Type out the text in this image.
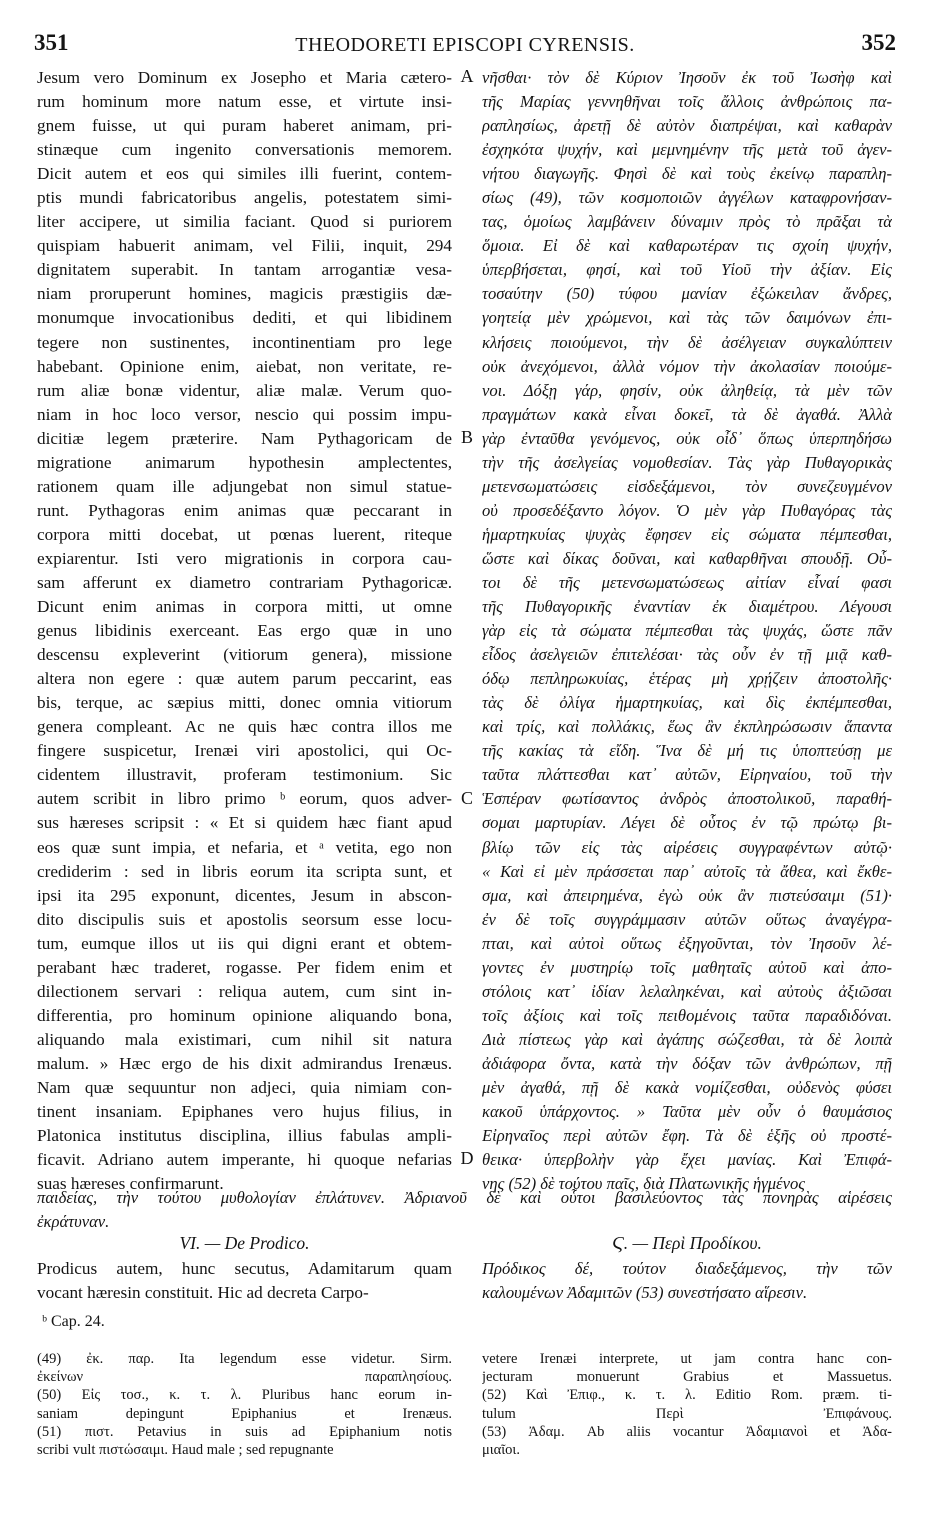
351	THEODORETI EPISCOPI CYRENSIS.	352
Jesum vero Dominum ex Josepho et Maria cætero-
rum hominum more natum esse, et virtute insi-
gnem fuisse, ut qui puram haberet animam, pri-
stinæque cum ingenito conversationis memorem.
Dicit autem et eos qui similes illi fuerint, contem-
ptis mundi fabricatoribus angelis, potestatem simi-
liter accipere, ut similia faciant. Quod si puriorem
quispiam habuerit animam, vel Filii, inquit, 294
dignitatem superabit. In tantam arrogantiæ vesa-
niam proruperunt homines, magicis præstigiis dæ-
monumque invocationibus dediti, et qui libidinem
tegere non sustinentes, incontinentiam pro lege
habebant. Opinione enim, aiebat, non veritate, re-
rum aliæ bonæ videntur, aliæ malæ. Verum quo-
niam in hoc loco versor, nescio qui possim impu-
dicitiæ legem præterire. Nam Pythagoricam de
migratione animarum hypothesin amplectentes,
rationem quam ille adjungebat non simul statue-
runt. Pythagoras enim animas quæ peccarant in
corpora mitti docebat, ut pœnas luerent, riteque
expiarentur. Isti vero migrationis in corpora cau-
sam afferunt ex diametro contrariam Pythagoricæ.
Dicunt enim animas in corpora mitti, ut omne
genus libidinis exerceant. Eas ergo quæ in uno
descensu expleverint (vitiorum genera), missione
altera non egere : quæ autem parum peccarint, eas
bis, terque, ac sæpius mitti, donec omnia vitiorum
genera compleant. Ac ne quis hæc contra illos me
fingere suspicetur, Irenæi viri apostolici, qui Oc-
cidentem illustravit, proferam testimonium. Sic
autem scribit in libro primo ᵇ eorum, quos adver-
sus hæreses scripsit : « Et si quidem hæc fiant apud
eos quæ sunt impia, et nefaria, et ᵃ vetita, ego non
crediderim : sed in libris eorum ita scripta sunt, et
ipsi ita 295 exponunt, dicentes, Jesum in abscon-
dito discipulis suis et apostolis seorsum esse locu-
tum, eumque illos ut iis qui digni erant et obtem-
perabant hæc traderet, rogasse. Per fidem enim et
dilectionem servari : reliqua autem, cum sint in-
differentia, pro hominum opinione aliquando bona,
aliquando mala existimari, cum nihil sit natura
malum. » Hæc ergo de his dixit admirandus Irenæus.
Nam quæ sequuntur non adjeci, quia nimiam con-
tinent insaniam. Epiphanes vero hujus filius, in
Platonica institutus disciplina, illius fabulas ampli-
ficavit. Adriano autem imperante, hi quoque nefarias
suas hæreses confirmarunt.
A
B
C
D
νῆσθαι· τὸν δὲ Κύριον Ἰησοῦν ἐκ τοῦ Ἰωσὴφ καὶ
τῆς Μαρίας γεννηθῆναι τοῖς ἄλλοις ἀνθρώποις πα-
ραπλησίως, ἀρετῇ δὲ αὐτὸν διαπρέψαι, καὶ καθαρὰν
ἐσχηκότα ψυχήν, καὶ μεμνημένην τῆς μετὰ τοῦ ἀγεν-
νήτου διαγωγῆς. Φησὶ δὲ καὶ τοὺς ἐκείνῳ παραπλη-
σίως (49), τῶν κοσμοποιῶν ἀγγέλων καταφρονήσαν-
τας, ὁμοίως λαμβάνειν δύναμιν πρὸς τὸ πρᾶξαι τὰ
ὅμοια. Εἰ δὲ καὶ καθαρωτέραν τις σχοίη ψυχήν,
ὑπερβήσεται, φησί, καὶ τοῦ Υἱοῦ τὴν ἀξίαν. Εἰς
τοσαύτην (50) τύφου μανίαν ἐξώκειλαν ἄνδρες,
γοητείᾳ μὲν χρώμενοι, καὶ τὰς τῶν δαιμόνων ἐπι-
κλήσεις ποιούμενοι, τὴν δὲ ἀσέλγειαν συγκαλύπτειν
οὐκ ἀνεχόμενοι, ἀλλὰ νόμον τὴν ἀκολασίαν ποιούμε-
νοι. Δόξῃ γάρ, φησίν, οὐκ ἀληθείᾳ, τὰ μὲν τῶν
πραγμάτων κακὰ εἶναι δοκεῖ, τὰ δὲ ἀγαθά. Ἀλλὰ
γὰρ ἐνταῦθα γενόμενος, οὐκ οἶδ᾽ ὅπως ὑπερπηδήσω
τὴν τῆς ἀσελγείας νομοθεσίαν. Τὰς γὰρ Πυθαγορικὰς
μετενσωματώσεις εἰσδεξάμενοι, τὸν συνεζευγμένον
οὐ προσεδέξαντο λόγον. Ὁ μὲν γὰρ Πυθαγόρας τὰς
ἡμαρτηκυίας ψυχὰς ἔφησεν εἰς σώματα πέμπεσθαι,
ὥστε καὶ δίκας δοῦναι, καὶ καθαρθῆναι σπουδῇ. Οὗ-
τοι δὲ τῆς μετενσωματώσεως αἰτίαν εἶναί φασι
τῆς Πυθαγορικῆς ἐναντίαν ἐκ διαμέτρου. Λέγουσι
γὰρ εἰς τὰ σώματα πέμπεσθαι τὰς ψυχάς, ὥστε πᾶν
εἶδος ἀσελγειῶν ἐπιτελέσαι· τὰς οὖν ἐν τῇ μιᾷ καθ-
όδῳ πεπληρωκυίας, ἑτέρας μὴ χρῄζειν ἀποστολῆς·
τὰς δὲ ὀλίγα ἡμαρτηκυίας, καὶ δὶς ἐκπέμπεσθαι,
καὶ τρίς, καὶ πολλάκις, ἕως ἂν ἐκπληρώσωσιν ἅπαντα
τῆς κακίας τὰ εἴδη. Ἵνα δὲ μή τις ὑποπτεύσῃ με
ταῦτα πλάττεσθαι κατ᾽ αὐτῶν, Εἰρηναίου, τοῦ τὴν
Ἑσπέραν φωτίσαντος ἀνδρὸς ἀποστολικοῦ, παραθή-
σομαι μαρτυρίαν. Λέγει δὲ οὗτος ἐν τῷ πρώτῳ βι-
βλίῳ τῶν εἰς τὰς αἱρέσεις συγγραφέντων αὐτῷ·
« Καὶ εἰ μὲν πράσσεται παρ᾽ αὐτοῖς τὰ ἄθεα, καὶ ἔκθε-
σμα, καὶ ἀπειρημένα, ἐγὼ οὐκ ἂν πιστεύσαιμι (51)·
ἐν δὲ τοῖς συγγράμμασιν αὐτῶν οὕτως ἀναγέγρα-
πται, καὶ αὐτοὶ οὕτως ἐξηγοῦνται, τὸν Ἰησοῦν λέ-
γοντες ἐν μυστηρίῳ τοῖς μαθηταῖς αὐτοῦ καὶ ἀπο-
στόλοις κατ᾽ ἰδίαν λελαληκέναι, καὶ αὐτοὺς ἀξιῶσαι
τοῖς ἀξίοις καὶ τοῖς πειθομένοις ταῦτα παραδιδόναι.
Διὰ πίστεως γὰρ καὶ ἀγάπης σώζεσθαι, τὰ δὲ λοιπὰ
ἀδιάφορα ὄντα, κατὰ τὴν δόξαν τῶν ἀνθρώπων, πῇ
μὲν ἀγαθά, πῇ δὲ κακὰ νομίζεσθαι, οὐδενὸς φύσει
κακοῦ ὑπάρχοντος. » Ταῦτα μὲν οὖν ὁ θαυμάσιος
Εἰρηναῖος περὶ αὐτῶν ἔφη. Τὰ δὲ ἑξῆς οὐ προστέ-
θεικα· ὑπερβολὴν γὰρ ἔχει μανίας. Καὶ Ἐπιφά-
νης (52) δὲ τούτου παῖς, διὰ Πλατωνικῆς ἡγμένος
παιδείας, τὴν τούτου μυθολογίαν ἐπλάτυνεν. Ἀδριανοῦ δὲ καὶ οὗτοι βασιλεύοντος τὰς πονηρὰς αἱρέσεις
ἐκράτυναν.
VI. — De Prodico.
Prodicus autem, hunc secutus, Adamitarum quam
vocant hæresin constituit. Hic ad decreta Carpo-
Ϛ. — Περὶ Προδίκου.
Πρόδικος δέ, τούτον διαδεξάμενος, τὴν τῶν
καλουμένων Ἀδαμιτῶν (53) συνεστήσατο αἵρεσιν.
ᵇ Cap. 24.
(49) ἐκ. παρ. Ita legendum esse videtur. Sirm.
ἐκείνων παραπλησίους.
(50) Εἰς τοσ., κ. τ. λ. Pluribus hanc eorum in-
saniam depingunt Epiphanius et Irenæus.
(51) πιστ. Petavius in suis ad Epiphanium notis
scribi vult πιστώσαιμι. Haud male ; sed repugnante
vetere Irenæi interprete, ut jam contra hanc con-
jecturam monuerunt Grabius et Massuetus.
(52) Καὶ Ἐπιφ., κ. τ. λ. Editio Rom. præm. ti-
tulum Περὶ Ἐπιφάνους.
(53) Ἀδαμ. Ab aliis vocantur Ἀδαμιανοὶ et Ἀδα-
μιαῖοι.
